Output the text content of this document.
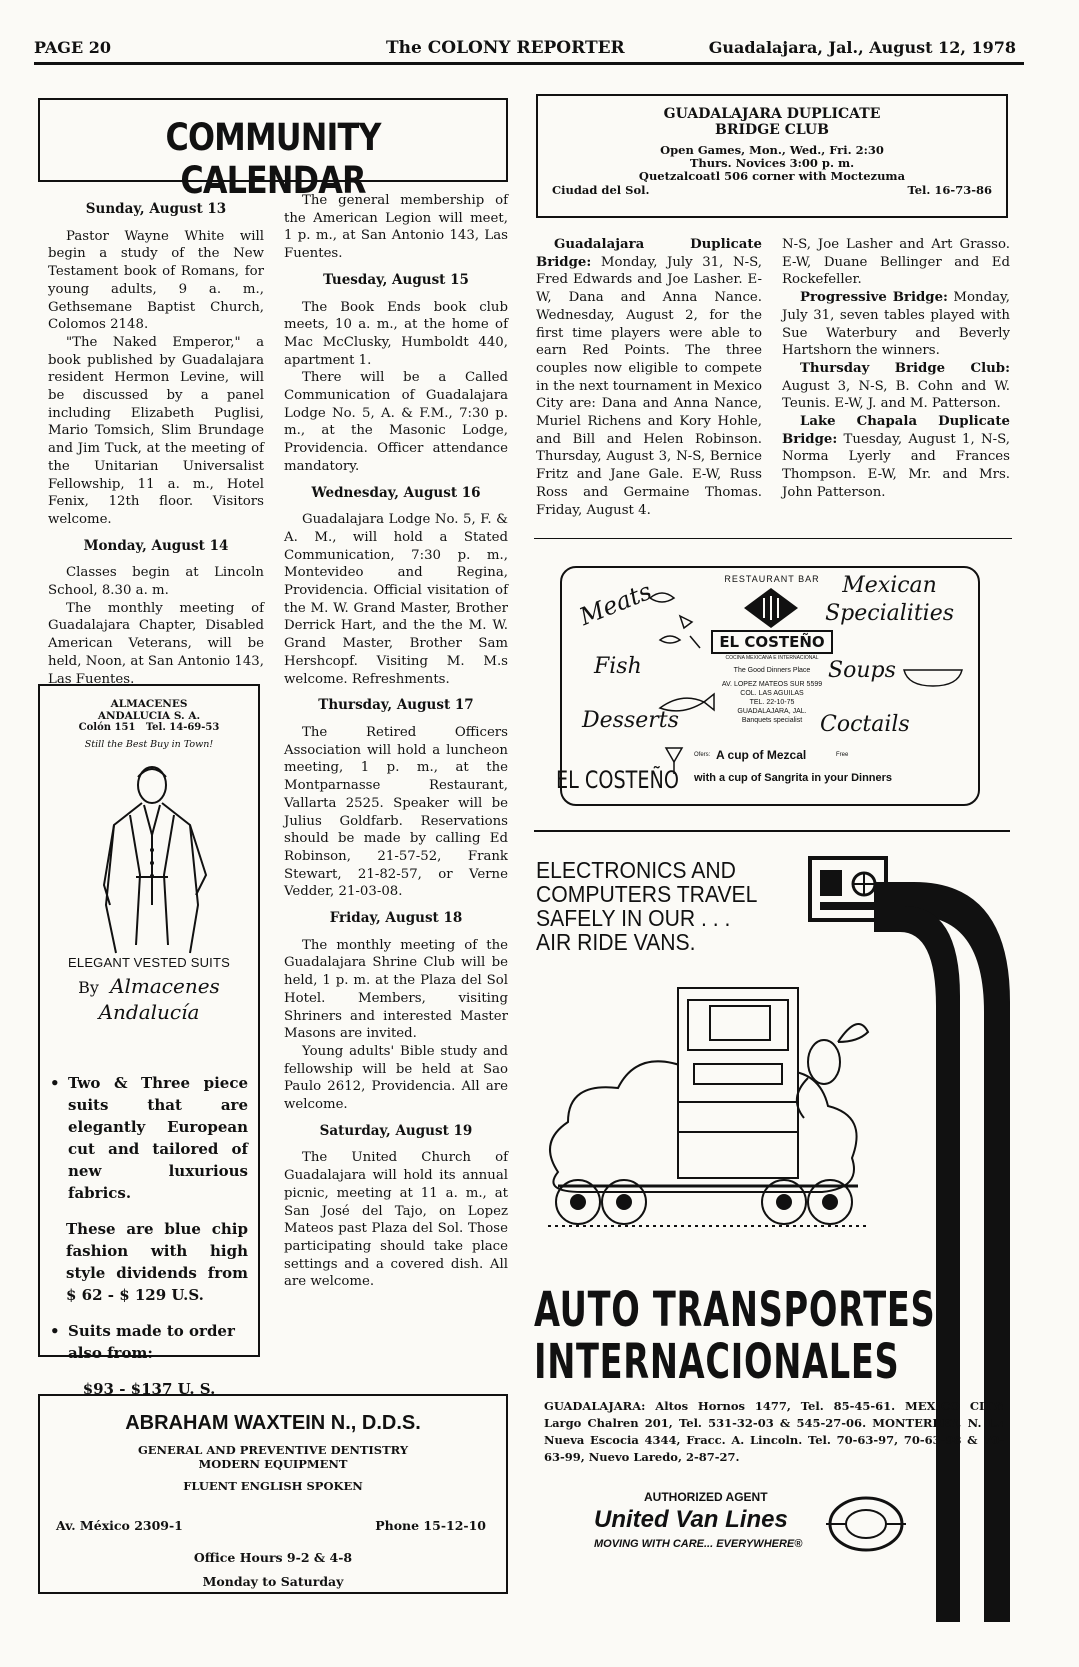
PAGE 20	The COLONY REPORTER	Guadalajara, Jal., August 12, 1978
COMMUNITY CALENDAR
Sunday, August 13

Pastor Wayne White will begin a study of the New Testament book of Romans, for young adults, 9 a. m., Gethsemane Baptist Church, Colomos 2148.

"The Naked Emperor," a book published by Guadalajara resident Hermon Levine, will be discussed by a panel including Elizabeth Puglisi, Mario Tomsich, Slim Brundage and Jim Tuck, at the meeting of the Unitarian Universalist Fellowship, 11 a. m., Hotel Fenix, 12th floor. Visitors welcome.

Monday, August 14

Classes begin at Lincoln School, 8.30 a. m.

The monthly meeting of Guadalajara Chapter, Disabled American Veterans, will be held, Noon, at San Antonio 143, Las Fuentes.

The general membership of the American Legion will meet, 1 p. m., at San Antonio 143, Las Fuentes.

Tuesday, August 15

The Book Ends book club meets, 10 a. m., at the home of Mac McClusky, Humboldt 440, apartment 1.

There will be a Called Communication of Guadalajara Lodge No. 5, A. & F.M., 7:30 p. m., at the Masonic Lodge, Providencia. Officer attendance mandatory.

Wednesday, August 16

Guadalajara Lodge No. 5, F. & A. M., will hold a Stated Communication, 7:30 p. m., Montevideo and Regina, Providencia. Official visitation of the M. W. Grand Master, Brother Derrick Hart, and the the M. W. Grand Master, Brother Sam Hershcopf. Visiting M. M.s welcome. Refreshments.

Thursday, August 17

The Retired Officers Association will hold a luncheon meeting, 1 p. m., at the Montparnasse Restaurant, Vallarta 2525. Speaker will be Julius Goldfarb. Reservations should be made by calling Ed Robinson, 21-57-52, Frank Stewart, 21-82-57, or Verne Vedder, 21-03-08.

Friday, August 18

The monthly meeting of the Guadalajara Shrine Club will be held, 1 p. m. at the Plaza del Sol Hotel. Members, visiting Shriners and interested Master Masons are invited.

Young adults' Bible study and fellowship will be held at Sao Paulo 2612, Providencia. All are welcome.

Saturday, August 19

The United Church of Guadalajara will hold its annual picnic, meeting at 11 a. m., at San José del Tajo, on Lopez Mateos past Plaza del Sol. Those participating should take place settings and a covered dish. All are welcome.

ALMACENES
ANDALUCIA S. A.
Colón 151 Tel. 14-69-53
Still the Best Buy in Town!
ELEGANT VESTED SUITS
By Almacenes
Andalucía
• Two & Three piece suits that are elegantly European cut and tailored of new luxurious fabrics.
These are blue chip fashion with high style dividends from $ 62 - $ 129 U.S.
• Suits made to order also from:
$93 - $137 U. S.
ABRAHAM WAXTEIN N., D.D.S.
GENERAL AND PREVENTIVE DENTISTRY
MODERN EQUIPMENT
FLUENT ENGLISH SPOKEN
Av. México 2309-1	Phone 15-12-10
Office Hours 9-2 & 4-8
Monday to Saturday
GUADALAJARA DUPLICATE
BRIDGE CLUB
Open Games, Mon., Wed., Fri. 2:30
Thurs. Novices 3:00 p. m.
Quetzalcoatl 506 corner with Moctezuma
Ciudad del Sol.	Tel. 16-73-86

Guadalajara Duplicate Bridge: Monday, July 31, N-S, Fred Edwards and Joe Lasher. E-W, Dana and Anna Nance. Wednesday, August 2, for the first time players were able to earn Red Points. The three couples now eligible to compete in the next tournament in Mexico City are: Dana and Anna Nance, Muriel Richens and Kory Hohle, and Bill and Helen Robinson. Thursday, August 3, N-S, Bernice Fritz and Jane Gale. E-W, Russ Ross and Germaine Thomas. Friday, August 4.

N-S, Joe Lasher and Art Grasso. E-W, Duane Bellinger and Ed Rockefeller.

Progressive Bridge: Monday, July 31, seven tables played with Sue Waterbury and Beverly Hartshorn the winners.

Thursday Bridge Club: August 3, N-S, B. Cohn and W. Teunis. E-W, J. and M. Patterson.

Lake Chapala Duplicate Bridge: Tuesday, August 1, N-S, Norma Lyerly and Frances Thompson. E-W, Mr. and Mrs. John Patterson.

Meats
Fish
Desserts
RESTAURANT BAR
EL COSTEÑO
COCINA MEXICANA E INTERNACIONAL
The Good Dinners Place
AV. LOPEZ MATEOS SUR 5599
COL. LAS AGUILAS
TEL. 22-10-75
GUADALAJARA, JAL.
Banquets specialist
Mexican
Specialities
Soups
Coctails
EL COSTEÑO
Ofers: A cup of Mezcal	Free
with a cup of Sangrita in your Dinners
ELECTRONICS AND
COMPUTERS TRAVEL
SAFELY IN OUR . . .
AIR RIDE VANS.
AUTO TRANSPORTES
INTERNACIONALES
GUADALAJARA: Altos Hornos 1477, Tel. 85-45-61. MEXICO CITY: Largo Chalren 201, Tel. 531-32-03 & 545-27-06. MONTERREY, N. L.: Nueva Escocia 4344, Fracc. A. Lincoln. Tel. 70-63-97, 70-63-98 & 70-63-99, Nuevo Laredo, 2-87-27.
AUTHORIZED AGENT
United Van Lines
MOVING WITH CARE... EVERYWHERE®
